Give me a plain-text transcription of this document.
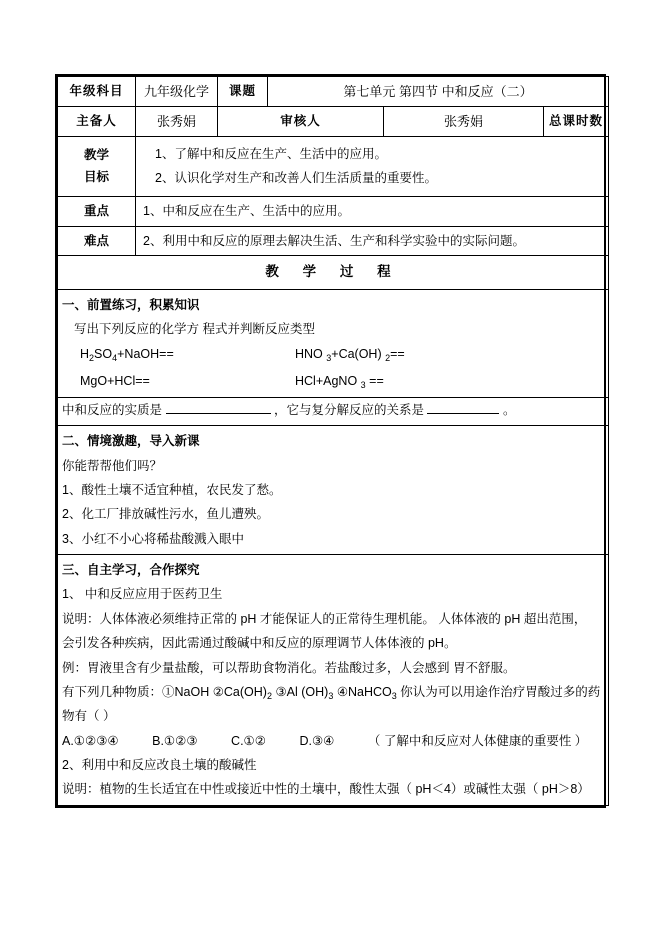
年级科目	九年级化学	课题	第七单元 第四节 中和反应（二）		
主备人	张秀娟	审核人		张秀娟	总课时数

教学
目标

1、了解中和反应在生产、生活中的应用。
2、认识化学对生产和改善人们生活质量的重要性。

重点	1、中和反应在生产、生活中的应用。				
难点	2、利用中和反应的原理去解决生活、生产和科学实验中的实际问题。				
教 学 过 程					

一、前置练习，积累知识
写出下列反应的化学方 程式并判断反应类型
$H_2SO_4+NaOH==$	HNO $_3$+Ca(OH) $_2$==
MgO+HCl==	HCl+AgNO $_3$ ==

中和反应的实质是 ，它与复分解反应的关系是 。					

二、情境激趣，导入新课
你能帮帮他们吗？
1、酸性土壤不适宜种植，农民发了愁。
2、化工厂排放碱性污水，鱼儿遭殃。
3、小红不小心将稀盐酸溅入眼中					

三、自主学习，合作探究
1、 中和反应应用于医药卫生
说明：人体体液必须维持正常的 pH 才能保证人的正常待生理机能。 人体体液的 pH 超出范围，
会引发各种疾病，因此需通过酸碱中和反应的原理调节人体体液的 pH。
例：胃液里含有少量盐酸，可以帮助食物消化。若盐酸过多，人会感到 胃不舒服。
有下列几种物质：①NaOH $②Ca(OH)_2$ ③Al $(OH)_3$ ④NaHCO$_3$ 你认为可以用途作治疗胃酸过多的药
物有（ ）
A.①②③④	B.①②③	C.①②	D.③④	（ 了解中和反应对人体健康的重要性 ）
2、利用中和反应改良土壤的酸碱性
说明：植物的生长适宜在中性或接近中性的土壤中，酸性太强（ pH＜4）或碱性太强（ pH＞8）
